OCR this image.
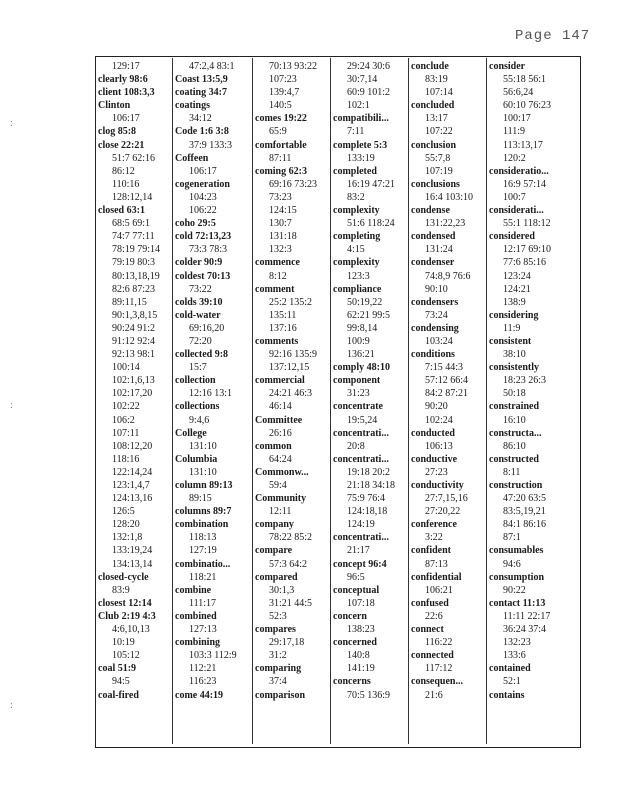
Page 147
:
:
:
129:17
clearly 98:6
client 108:3,3
Clinton
106:17
clog 85:8
close 22:21
51:7 62:16
86:12
110:16
128:12,14
closed 63:1
68:5 69:1
74:7 77:11
78:19 79:14
79:19 80:3
80:13,18,19
82:6 87:23
89:11,15
90:1,3,8,15
90:24 91:2
91:12 92:4
92:13 98:1
100:14
102:1,6,13
102:17,20
102:22
106:2
107:11
108:12,20
118:16
122:14,24
123:1,4,7
124:13,16
126:5
128:20
132:1,8
133:19,24
134:13,14
closed-cycle
83:9
closest 12:14
Club 2:19 4:3
4:6,10,13
10:19
105:12
coal 51:9
94:5
coal-fired
47:2,4 83:1
Coast 13:5,9
coating 34:7
coatings
34:12
Code 1:6 3:8
37:9 133:3
Coffeen
106:17
cogeneration
104:23
106:22
coho 29:5
cold 72:13,23
73:3 78:3
colder 90:9
coldest 70:13
73:22
colds 39:10
cold-water
69:16,20
72:20
collected 9:8
15:7
collection
12:16 13:1
collections
9:4,6
College
131:10
Columbia
131:10
column 89:13
89:15
columns 89:7
combination
118:13
127:19
combinatio...
118:21
combine
111:17
combined
127:13
combining
103:3 112:9
112:21
116:23
come 44:19
70:13 93:22
107:23
139:4,7
140:5
comes 19:22
65:9
comfortable
87:11
coming 62:3
69:16 73:23
73:23
124:15
130:7
131:18
132:3
commence
8:12
comment
25:2 135:2
135:11
137:16
comments
92:16 135:9
137:12,15
commercial
24:21 46:3
46:14
Committee
26:16
common
64:24
Commonw...
59:4
Community
12:11
company
78:22 85:2
compare
57:3 64:2
compared
30:1,3
31:21 44:5
52:3
compares
29:17,18
31:2
comparing
37:4
comparison
29:24 30:6
30:7,14
60:9 101:2
102:1
compatibili...
7:11
complete 5:3
133:19
completed
16:19 47:21
83:2
complexity
51:6 118:24
completing
4:15
complexity
123:3
compliance
50:19,22
62:21 99:5
99:8,14
100:9
136:21
comply 48:10
component
31:23
concentrate
19:5,24
concentrati...
20:8
concentrati...
19:18 20:2
21:18 34:18
75:9 76:4
124:18,18
124:19
concentrati...
21:17
concept 96:4
96:5
conceptual
107:18
concern
138:23
concerned
140:8
141:19
concerns
70:5 136:9
conclude
83:19
107:14
concluded
13:17
107:22
conclusion
55:7,8
107:19
conclusions
16:4 103:10
condense
131:22,23
condensed
131:24
condenser
74:8,9 76:6
90:10
condensers
73:24
condensing
103:24
conditions
7:15 44:3
57:12 66:4
84:2 87:21
90:20
102:24
conducted
106:13
conductive
27:23
conductivity
27:7,15,16
27:20,22
conference
3:22
confident
87:13
confidential
106:21
confused
22:6
connect
116:22
connected
117:12
consequen...
21:6
consider
55:18 56:1
56:6,24
60:10 76:23
100:17
111:9
113:13,17
120:2
consideratio...
16:9 57:14
100:7
considerati...
55:1 118:12
considered
12:17 69:10
77:6 85:16
123:24
124:21
138:9
considering
11:9
consistent
38:10
consistently
18:23 26:3
50:18
constrained
16:10
constructa...
86:10
constructed
8:11
construction
47:20 63:5
83:5,19,21
84:1 86:16
87:1
consumables
94:6
consumption
90:22
contact 11:13
11:11 22:17
36:24 37:4
132:23
133:6
contained
52:1
contains
